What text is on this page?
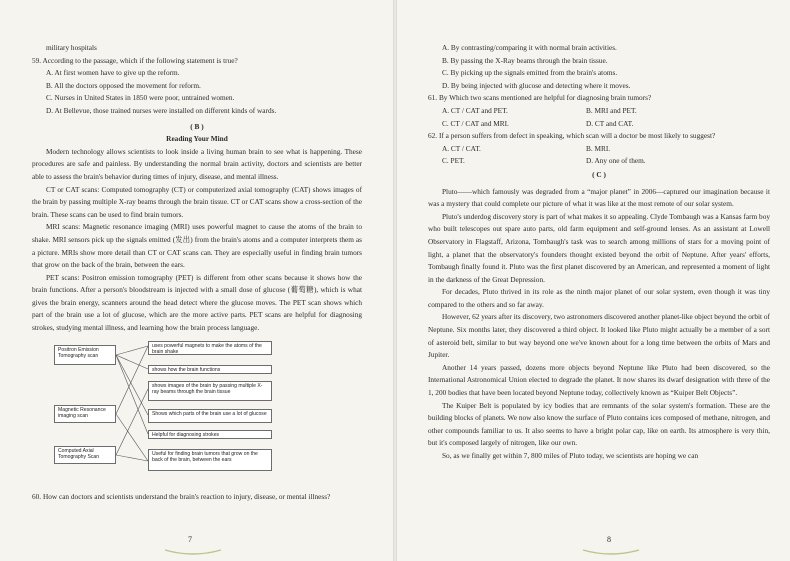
military hospitals

59. According to the passage, which if the following statement is true?

A. At first women have to give up the reform.

B. All the doctors opposed the movement for reform.

C. Nurses in United States in 1850 were poor, untrained women.

D. At Bellevue, those trained nurses were installed on different kinds of wards.

( B )

Reading Your Mind

Modern technology allows scientists to look inside a living human brain to see what is happening. These procedures are safe and painless. By understanding the normal brain activity, doctors and scientists are better able to assess the brain's behavior during times of injury, disease, and mental illness.

CT or CAT scans: Computed tomography (CT) or computerized axial tomography (CAT) shows images of the brain by passing multiple X-ray beams through the brain tissue. CT or CAT scans show a cross-section of the brain. These scans can be used to find brain tumors.

MRI scans: Magnetic resonance imaging (MRI) uses powerful magnet to cause the atoms of the brain to shake. MRI sensors pick up the signals emitted (发出) from the brain's atoms and a computer interprets them as a picture. MRIs show more detail than CT or CAT scans can. They are especially useful in finding brain tumors that grow on the back of the brain, between the ears.

PET scans: Positron emission tomography (PET) is different from other scans because it shows how the brain functions. After a person's bloodstream is injected with a small dose of glucose (葡萄糖), which is what gives the brain energy, scanners around the head detect where the glucose moves. The PET scan shows which part of the brain use a lot of glucose, which are the more active parts. PET scans are helpful for diagnosing strokes, studying mental illness, and learning how the brain process language.

Positron Emission Tomography scan
Magnetic Resonance imaging scan
Computed Axial Tomography Scan
uses powerful magnets to make the atoms of the brain shake
shows how the brain functions
shows images of the brain by passing multiple X-ray beams through the brain tissue
Shows which parts of the brain use a lot of glucose
Helpful for diagnosing strokes
Useful for finding brain tumors that grow on the back of the brain, between the ears

60. How can doctors and scientists understand the brain's reaction to injury, disease, or mental illness?

7

A. By contrasting/comparing it with normal brain activities.

B. By passing the X-Ray beams through the brain tissue.

C. By picking up the signals emitted from the brain's atoms.

D. By being injected with glucose and detecting where it moves.

61. By Which two scans mentioned are helpful for diagnosing brain tumors?

A. CT / CAT and PET.	B. MRI and PET.
C. CT / CAT and MRI.	D. CT and CAT.

62. If a person suffers from defect in speaking, which scan will a doctor be most likely to suggest?

A. CT / CAT.	B. MRI.
C. PET.	D. Any one of them.

( C )

Pluto——which famously was degraded from a “major planet” in 2006—captured our imagination because it was a mystery that could complete our picture of what it was like at the most remote of our solar system.

Pluto's underdog discovery story is part of what makes it so appealing. Clyde Tombaugh was a Kansas farm boy who built telescopes out spare auto parts, old farm equipment and self-ground lenses. As an assistant at Lowell Observatory in Flagstaff, Arizona, Tombaugh's task was to search among millions of stars for a moving point of light, a planet that the observatory's founders thought existed beyond the orbit of Neptune. After years' efforts, Tombaugh finally found it. Pluto was the first planet discovered by an American, and represented a moment of light in the darkness of the Great Depression.

For decades, Pluto thrived in its role as the ninth major planet of our solar system, even though it was tiny compared to the others and so far away.

However, 62 years after its discovery, two astronomers discovered another planet-like object beyond the orbit of Neptune. Six months later, they discovered a third object. It looked like Pluto might actually be a member of a sort of asteroid belt, similar to but way beyond one we've known about for a long time between the orbits of Mars and Jupiter.

Another 14 years passed, dozens more objects beyond Neptune like Pluto had been discovered, so the International Astronomical Union elected to degrade the planet. It now shares its dwarf designation with three of the 1, 200 bodies that have been located beyond Neptune today, collectively known as “Kuiper Belt Objects”.

The Kuiper Belt is populated by icy bodies that are remnants of the solar system's formation. These are the building blocks of planets. We now also know the surface of Pluto contains ices composed of methane, nitrogen, and other compounds familiar to us. It also seems to have a bright polar cap, like on earth. Its atmosphere is very thin, but it's composed largely of nitrogen, like our own.

So, as we finally get within 7, 800 miles of Pluto today, we scientists are hoping we can

8
